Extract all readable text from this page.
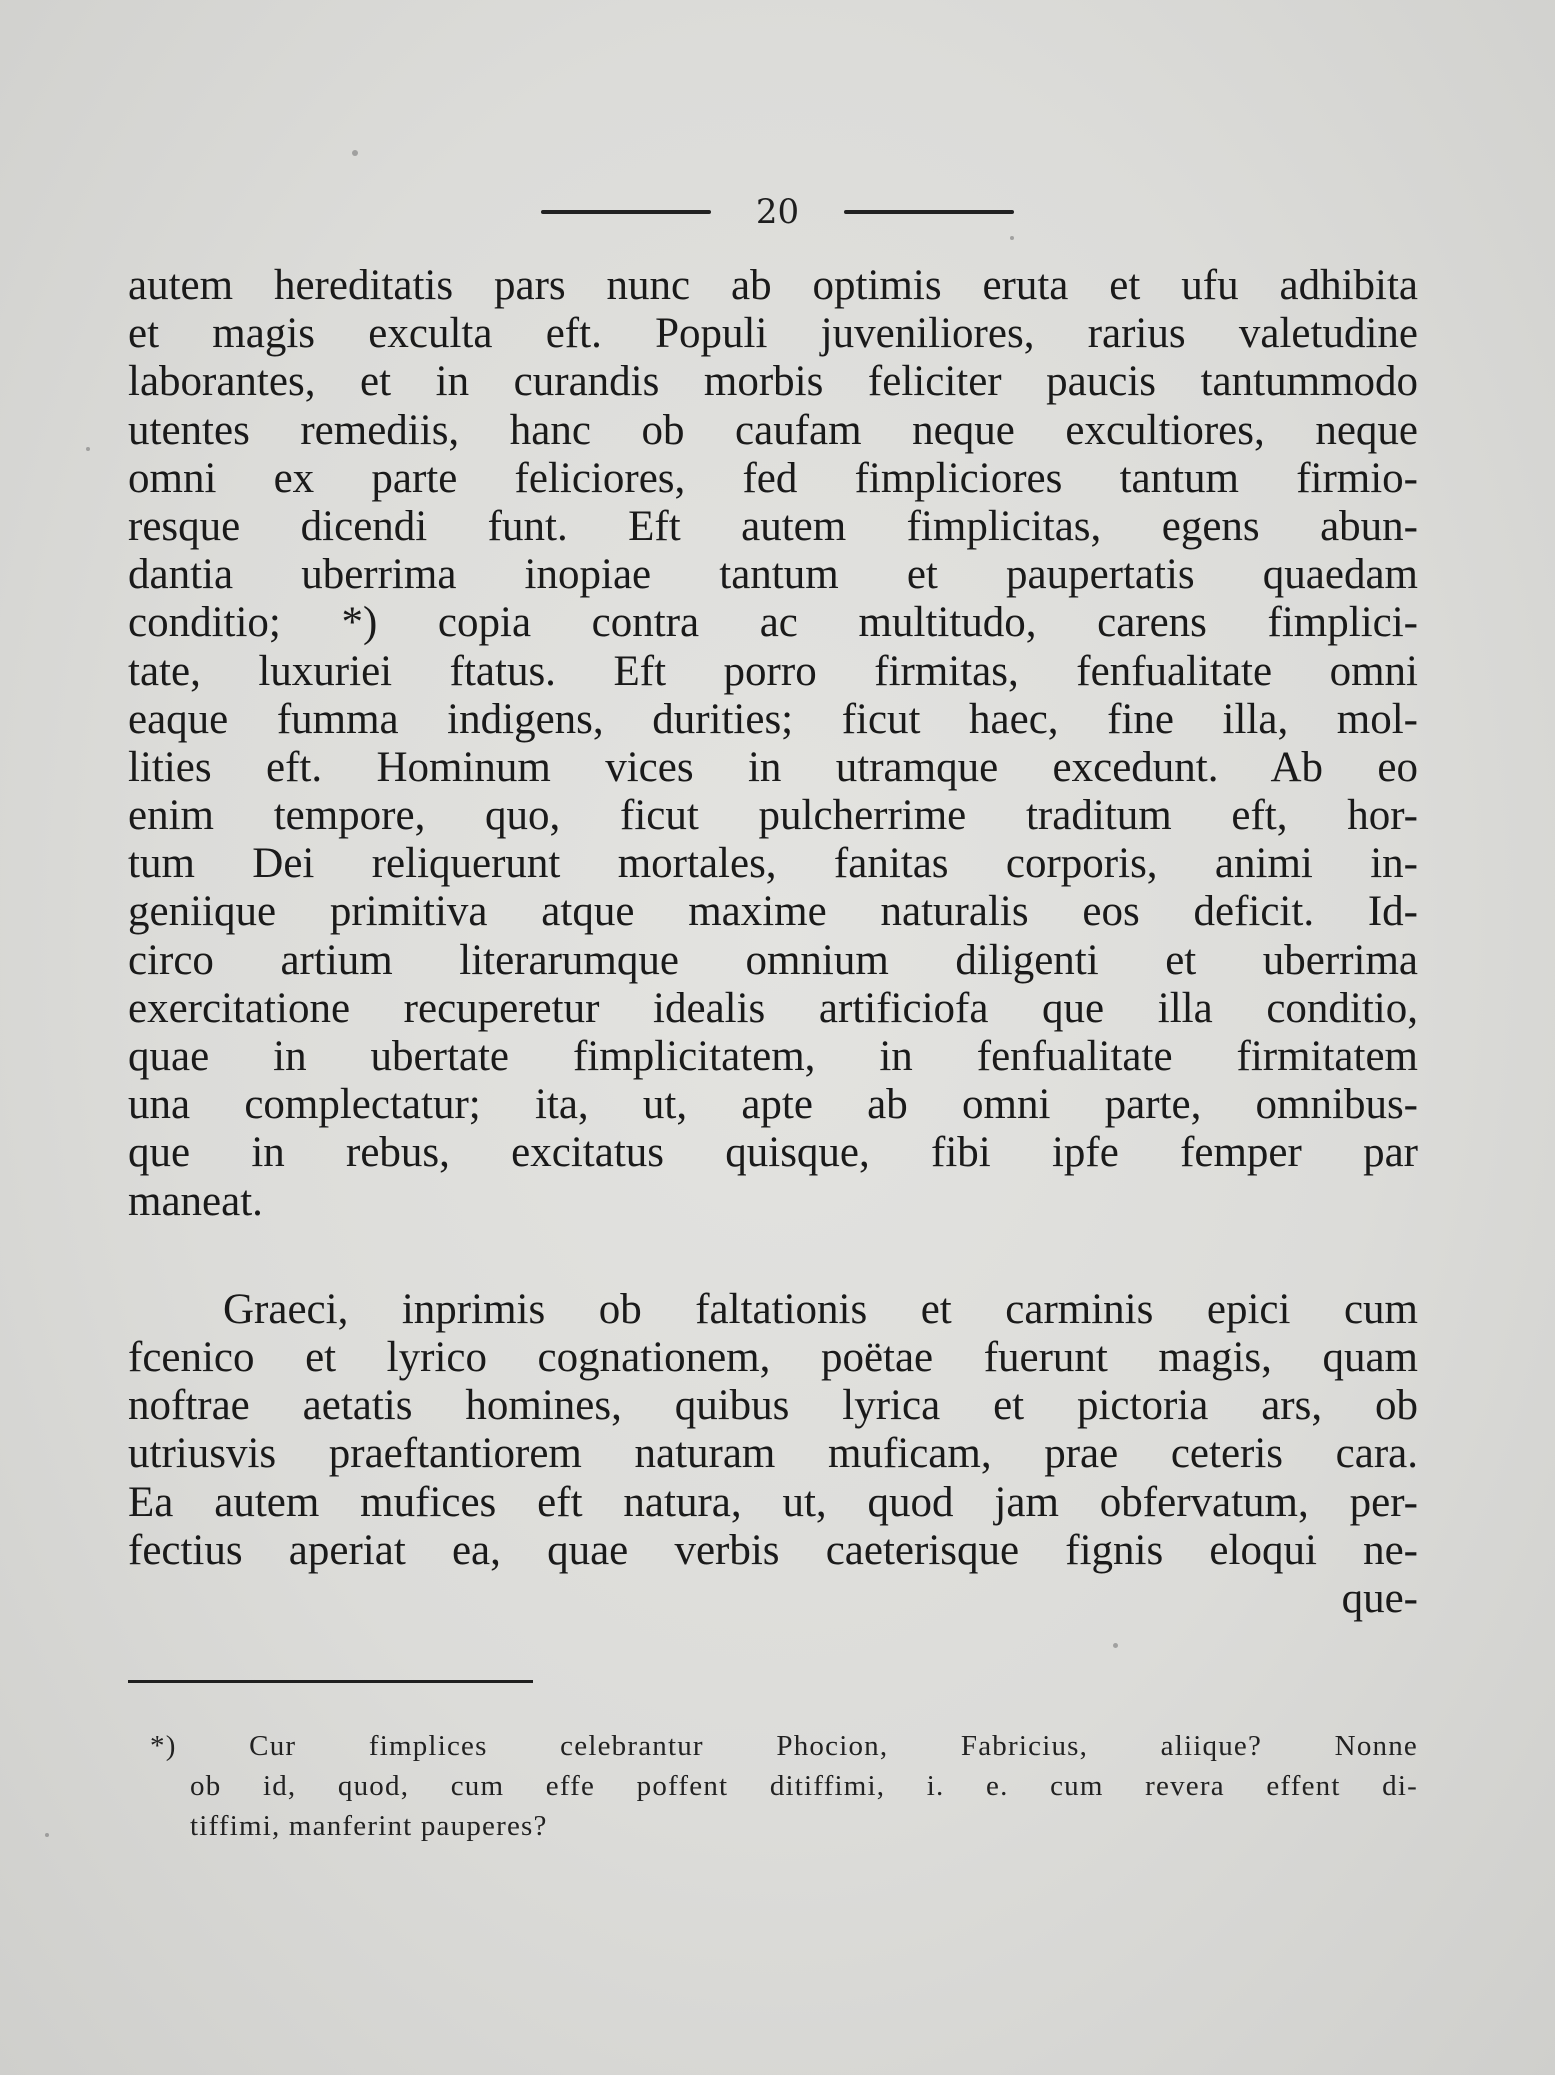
20
autem hereditatis pars nunc ab optimis eruta et ufu adhibita
et magis exculta eft. Populi juveniliores, rarius valetudine
laborantes, et in curandis morbis feliciter paucis tantummodo
utentes remediis, hanc ob caufam neque excultiores, neque
omni ex parte feliciores, fed fimpliciores tantum firmio-
resque dicendi funt. Eft autem fimplicitas, egens abun-
dantia uberrima inopiae tantum et paupertatis quaedam
conditio; *) copia contra ac multitudo, carens fimplici-
tate, luxuriei ftatus. Eft porro firmitas, fenfualitate omni
eaque fumma indigens, durities; ficut haec, fine illa, mol-
lities eft. Hominum vices in utramque excedunt. Ab eo
enim tempore, quo, ficut pulcherrime traditum eft, hor-
tum Dei reliquerunt mortales, fanitas corporis, animi in-
geniique primitiva atque maxime naturalis eos deficit. Id-
circo artium literarumque omnium diligenti et uberrima
exercitatione recuperetur idealis artificiofa que illa conditio,
quae in ubertate fimplicitatem, in fenfualitate firmitatem
una complectatur; ita, ut, apte ab omni parte, omnibus-
que in rebus, excitatus quisque, fibi ipfe femper par
maneat.
Graeci, inprimis ob faltationis et carminis epici cum
fcenico et lyrico cognationem, poëtae fuerunt magis, quam
noftrae aetatis homines, quibus lyrica et pictoria ars, ob
utriusvis praeftantiorem naturam muficam, prae ceteris cara.
Ea autem mufices eft natura, ut, quod jam obfervatum, per-
fectius aperiat ea, quae verbis caeterisque fignis eloqui ne-
que-
*) Cur fimplices celebrantur Phocion, Fabricius, aliique? Nonne
ob id, quod, cum effe poffent ditiffimi, i. e. cum revera effent di-
tiffimi, manferint pauperes?
